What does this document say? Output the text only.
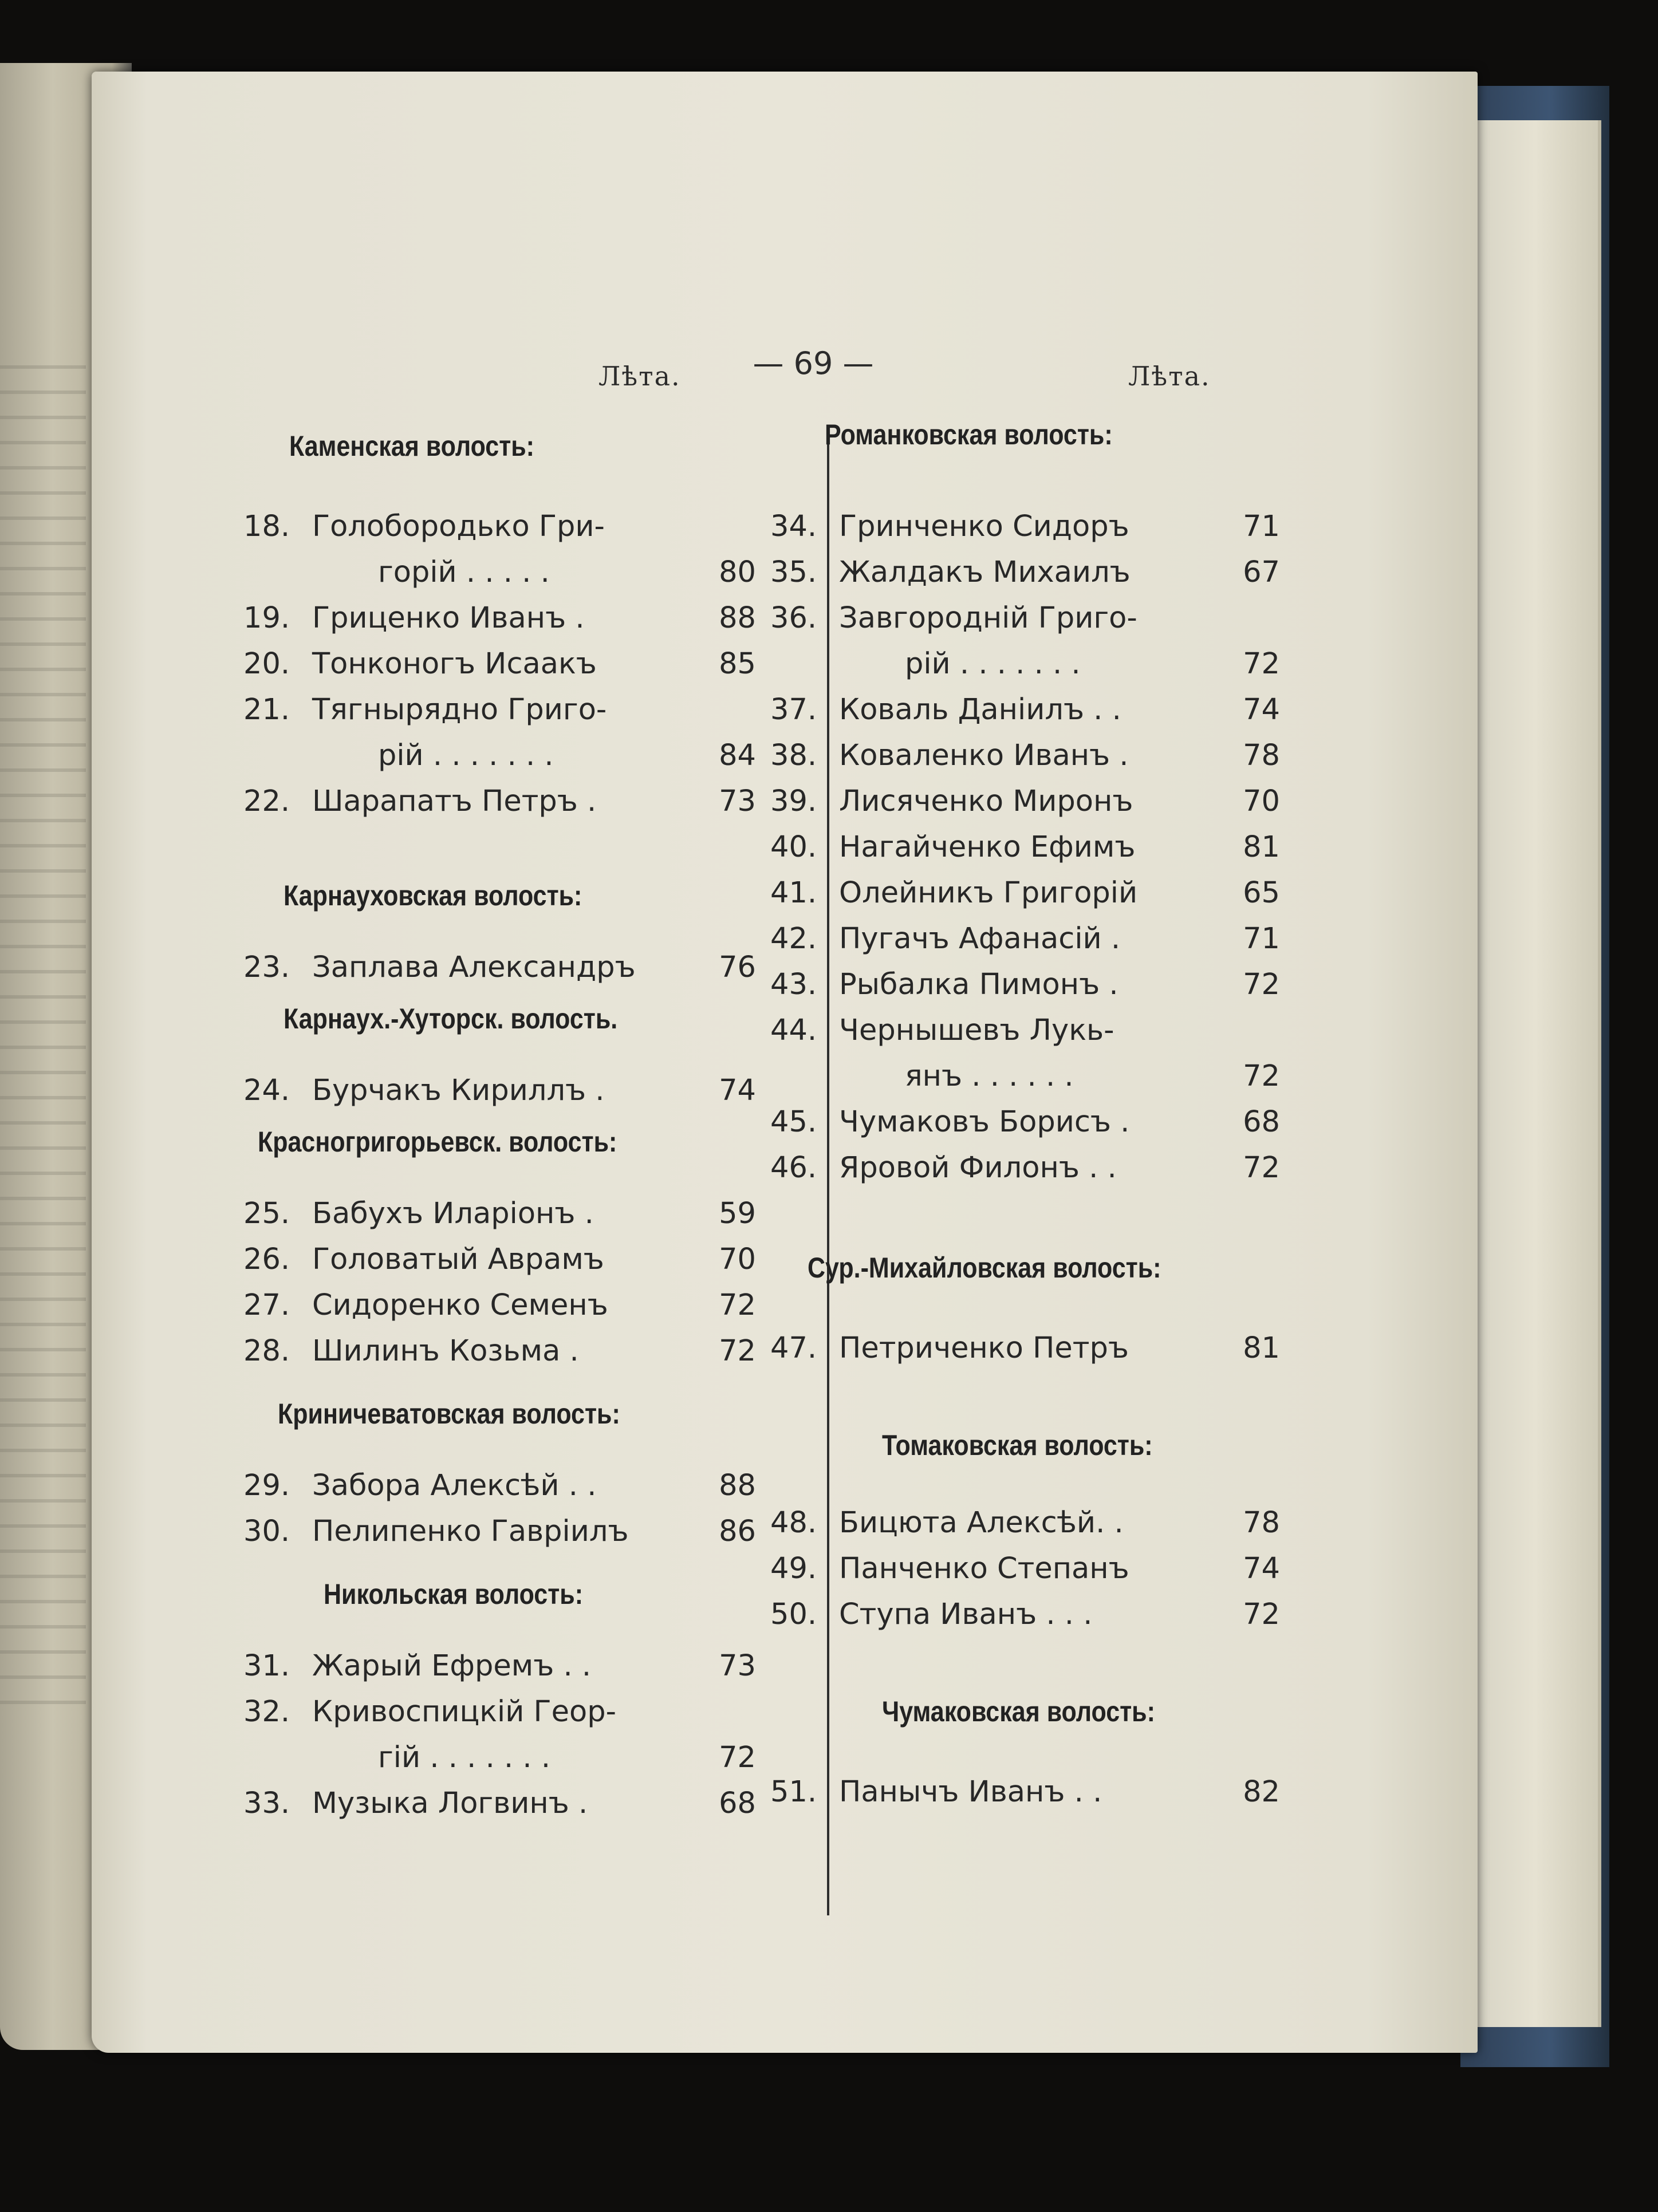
— 69 —
Лѣта.
Каменская волость:
18. Голобородько Гри-
горій . . . . .	80
19. Гриценко Иванъ .	88
20. Тонконогъ Исаакъ	85
21. Тягнырядно Григо-
рій . . . . . . .	84
22. Шарапатъ Петръ .	73
Карнауховская волость:
23. Заплава Александръ	76
Карнаух.-Хуторск. волость.
24. Бурчакъ Кириллъ .	74
Красногригорьевск. волость:
25. Бабухъ Иларіонъ .	59
26. Головатый Аврамъ	70
27. Сидоренко Семенъ	72
28. Шилинъ Козьма .	72
Криничеватовская волость:
29. Забора Алексѣй . .	88
30. Пелипенко Гавріилъ	86
Никольская волость:
31. Жарый Ефремъ . .	73
32. Кривоспицкій Геор-
гій . . . . . . .	72
33. Музыка Логвинъ .	68
Лѣта.
Романковская волость:
34. Гринченко Сидоръ	71
35. Жалдакъ Михаилъ	67
36. Завгородній Григо-
рій . . . . . . .	72
37. Коваль Даніилъ . .	74
38. Коваленко Иванъ .	78
39. Лисяченко Миронъ	70
40. Нагайченко Ефимъ	81
41. Олейникъ Григорій	65
42. Пугачъ Афанасій .	71
43. Рыбалка Пимонъ .	72
44. Чернышевъ Лукь-
янъ . . . . . .	72
45. Чумаковъ Борисъ .	68
46. Яровой Филонъ . .	72
Сур.-Михайловская волость:
47. Петриченко Петръ	81
Томаковская волость:
48. Бицюта Алексѣй. .	78
49. Панченко Степанъ	74
50. Ступа Иванъ . . .	72
Чумаковская волость:
51. Панычъ Иванъ . .	82
